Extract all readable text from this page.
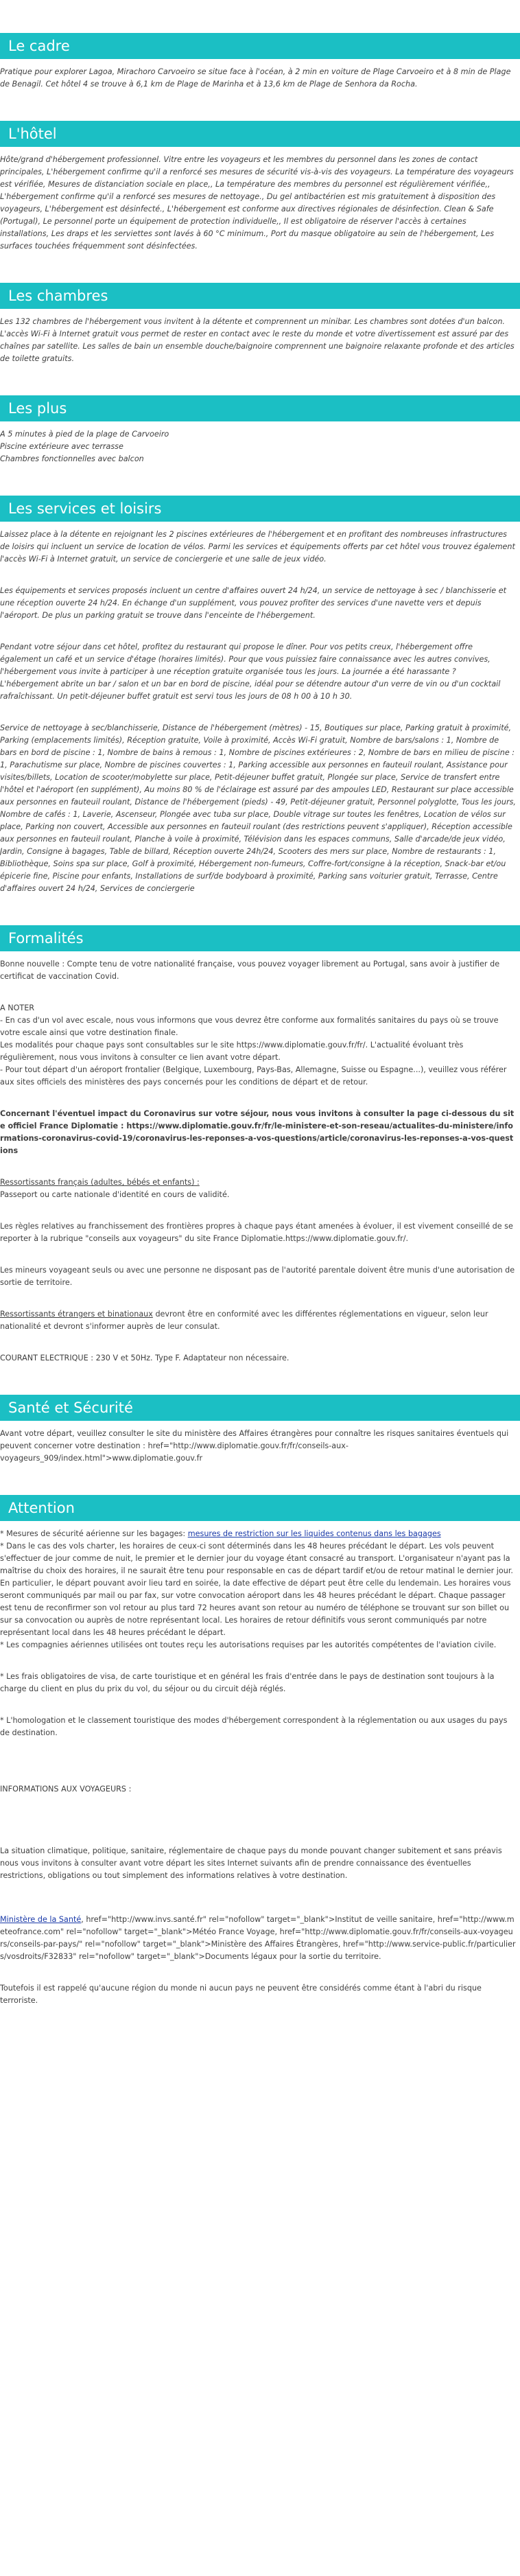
Le cadre

Pratique pour explorer Lagoa, Mirachoro Carvoeiro se situe face à l'océan, à 2 min en voiture de Plage Carvoeiro et à 8 min de Plage de Benagil. Cet hôtel 4 se trouve à 6,1 km de Plage de Marinha et à 13,6 km de Plage de Senhora da Rocha.

L'hôtel

Hôte/grand d'hébergement professionnel. Vitre entre les voyageurs et les membres du personnel dans les zones de contact principales, L'hébergement confirme qu'il a renforcé ses mesures de sécurité vis-à-vis des voyageurs. La température des voyageurs est vérifiée, Mesures de distanciation sociale en place,, La température des membres du personnel est régulièrement vérifiée,, L'hébergement confirme qu'il a renforcé ses mesures de nettoyage., Du gel antibactérien est mis gratuitement à disposition des voyageurs, L'hébergement est désinfecté., L'hébergement est conforme aux directives régionales de désinfection. Clean & Safe (Portugal), Le personnel porte un équipement de protection individuelle,, Il est obligatoire de réserver l'accès à certaines installations, Les draps et les serviettes sont lavés à 60 °C minimum., Port du masque obligatoire au sein de l'hébergement, Les surfaces touchées fréquemment sont désinfectées.

Les chambres

Les 132 chambres de l'hébergement vous invitent à la détente et comprennent un minibar. Les chambres sont dotées d'un balcon. L'accès Wi-Fi à Internet gratuit vous permet de rester en contact avec le reste du monde et votre divertissement est assuré par des chaînes par satellite. Les salles de bain un ensemble douche/baignoire comprennent une baignoire relaxante profonde et des articles de toilette gratuits.

Les plus
A 5 minutes à pied de la plage de Carvoeiro
Piscine extérieure avec terrasse
Chambres fonctionnelles avec balcon
Les services et loisirs

Laissez place à la détente en rejoignant les 2 piscines extérieures de l'hébergement et en profitant des nombreuses infrastructures de loisirs qui incluent un service de location de vélos. Parmi les services et équipements offerts par cet hôtel vous trouvez également l'accès Wi-Fi à Internet gratuit, un service de conciergerie et une salle de jeux vidéo.

Les équipements et services proposés incluent un centre d'affaires ouvert 24 h/24, un service de nettoyage à sec / blanchisserie et une réception ouverte 24 h/24. En échange d'un supplément, vous pouvez profiter des services d'une navette vers et depuis l'aéroport. De plus un parking gratuit se trouve dans l'enceinte de l'hébergement.

Pendant votre séjour dans cet hôtel, profitez du restaurant qui propose le dîner. Pour vos petits creux, l'hébergement offre également un café et un service d'étage (horaires limités). Pour que vous puissiez faire connaissance avec les autres convives, l'hébergement vous invite à participer à une réception gratuite organisée tous les jours. La journée a été harassante ? L'hébergement abrite un bar / salon et un bar en bord de piscine, idéal pour se détendre autour d'un verre de vin ou d'un cocktail rafraîchissant. Un petit-déjeuner buffet gratuit est servi tous les jours de 08 h 00 à 10 h 30.

Service de nettoyage à sec/blanchisserie, Distance de l'hébergement (mètres) - 15, Boutiques sur place, Parking gratuit à proximité, Parking (emplacements limités), Réception gratuite, Voile à proximité, Accès Wi-Fi gratuit, Nombre de bars/salons : 1, Nombre de bars en bord de piscine : 1, Nombre de bains à remous : 1, Nombre de piscines extérieures : 2, Nombre de bars en milieu de piscine : 1, Parachutisme sur place, Nombre de piscines couvertes : 1, Parking accessible aux personnes en fauteuil roulant, Assistance pour visites/billets, Location de scooter/mobylette sur place, Petit-déjeuner buffet gratuit, Plongée sur place, Service de transfert entre l'hôtel et l'aéroport (en supplément), Au moins 80 % de l'éclairage est assuré par des ampoules LED, Restaurant sur place accessible aux personnes en fauteuil roulant, Distance de l'hébergement (pieds) - 49, Petit-déjeuner gratuit, Personnel polyglotte, Tous les jours, Nombre de cafés : 1, Laverie, Ascenseur, Plongée avec tuba sur place, Double vitrage sur toutes les fenêtres, Location de vélos sur place, Parking non couvert, Accessible aux personnes en fauteuil roulant (des restrictions peuvent s'appliquer), Réception accessible aux personnes en fauteuil roulant, Planche à voile à proximité, Télévision dans les espaces communs, Salle d'arcade/de jeux vidéo, Jardin, Consigne à bagages, Table de billard, Réception ouverte 24h/24, Scooters des mers sur place, Nombre de restaurants : 1, Bibliothèque, Soins spa sur place, Golf à proximité, Hébergement non-fumeurs, Coffre-fort/consigne à la réception, Snack-bar et/ou épicerie fine, Piscine pour enfants, Installations de surf/de bodyboard à proximité, Parking sans voiturier gratuit, Terrasse, Centre d'affaires ouvert 24 h/24, Services de conciergerie

Formalités

Bonne nouvelle : Compte tenu de votre nationalité française, vous pouvez voyager librement au Portugal, sans avoir à justifier de certificat de vaccination Covid.

A NOTER

- En cas d'un vol avec escale, nous vous informons que vous devrez être conforme aux formalités sanitaires du pays où se trouve votre escale ainsi que votre destination finale.
Les modalités pour chaque pays sont consultables sur le site https://www.diplomatie.gouv.fr/fr/. L'actualité évoluant très régulièrement, nous vous invitons à consulter ce lien avant votre départ.
- Pour tout départ d'un aéroport frontalier (Belgique, Luxembourg, Pays-Bas, Allemagne, Suisse ou Espagne...), veuillez vous référer aux sites officiels des ministères des pays concernés pour les conditions de départ et de retour.

Concernant l'éventuel impact du Coronavirus sur votre séjour, nous vous invitons à consulter la page ci-dessous du site officiel France Diplomatie : https://www.diplomatie.gouv.fr/fr/le-ministere-et-son-reseau/actualites-du-ministere/informations-coronavirus-covid-19/coronavirus-les-reponses-a-vos-questions/article/coronavirus-les-reponses-a-vos-questions

Ressortissants français (adultes, bébés et enfants) :

Passeport ou carte nationale d'identité en cours de validité.

Les règles relatives au franchissement des frontières propres à chaque pays étant amenées à évoluer, il est vivement conseillé de se reporter à la rubrique "conseils aux voyageurs" du site France Diplomatie.https://www.diplomatie.gouv.fr/.

Les mineurs voyageant seuls ou avec une personne ne disposant pas de l'autorité parentale doivent être munis d'une autorisation de sortie de territoire.

Ressortissants étrangers et binationaux devront être en conformité avec les différentes réglementations en vigueur, selon leur nationalité et devront s'informer auprès de leur consulat.

COURANT ELECTRIQUE : 230 V et 50Hz. Type F. Adaptateur non nécessaire.

Santé et Sécurité

Avant votre départ, veuillez consulter le site du ministère des Affaires étrangères pour connaître les risques sanitaires éventuels qui peuvent concerner votre destination : href="http://www.diplomatie.gouv.fr/fr/conseils-aux-voyageurs_909/index.html">www.diplomatie.gouv.fr

Attention
* Mesures de sécurité aérienne sur les bagages: mesures de restriction sur les liquides contenus dans les bagages

* Dans le cas des vols charter, les horaires de ceux-ci sont déterminés dans les 48 heures précédant le départ. Les vols peuvent s'effectuer de jour comme de nuit, le premier et le dernier jour du voyage étant consacré au transport. L'organisateur n'ayant pas la maîtrise du choix des horaires, il ne saurait être tenu pour responsable en cas de départ tardif et/ou de retour matinal le dernier jour. En particulier, le départ pouvant avoir lieu tard en soirée, la date effective de départ peut être celle du lendemain. Les horaires vous seront communiqués par mail ou par fax, sur votre convocation aéroport dans les 48 heures précédant le départ. Chaque passager est tenu de reconfirmer son vol retour au plus tard 72 heures avant son retour au numéro de téléphone se trouvant sur son billet ou sur sa convocation ou auprès de notre représentant local. Les horaires de retour définitifs vous seront communiqués par notre représentant local dans les 48 heures précédant le départ.
* Les compagnies aériennes utilisées ont toutes reçu les autorisations requises par les autorités compétentes de l'aviation civile.

* Les frais obligatoires de visa, de carte touristique et en général les frais d'entrée dans le pays de destination sont toujours à la charge du client en plus du prix du vol, du séjour ou du circuit déjà réglés.

* L'homologation et le classement touristique des modes d'hébergement correspondent à la réglementation ou aux usages du pays de destination.

INFORMATIONS AUX VOYAGEURS :

La situation climatique, politique, sanitaire, réglementaire de chaque pays du monde pouvant changer subitement et sans préavis
nous vous invitons à consulter avant votre départ les sites Internet suivants afin de prendre connaissance des éventuelles restrictions, obligations ou tout simplement des informations relatives à votre destination.

Ministère de la Santé, href="http://www.invs.santé.fr" rel="nofollow" target="_blank">Institut de veille sanitaire, href="http://www.meteofrance.com" rel="nofollow" target="_blank">Météo France Voyage, href="http://www.diplomatie.gouv.fr/fr/conseils-aux-voyageurs/conseils-par-pays/" rel="nofollow" target="_blank">Ministère des Affaires Étrangères, href="http://www.service-public.fr/particuliers/vosdroits/F32833" rel="nofollow" target="_blank">Documents légaux pour la sortie du territoire.

Toutefois il est rappelé qu'aucune région du monde ni aucun pays ne peuvent être considérés comme étant à l'abri du risque terroriste.
